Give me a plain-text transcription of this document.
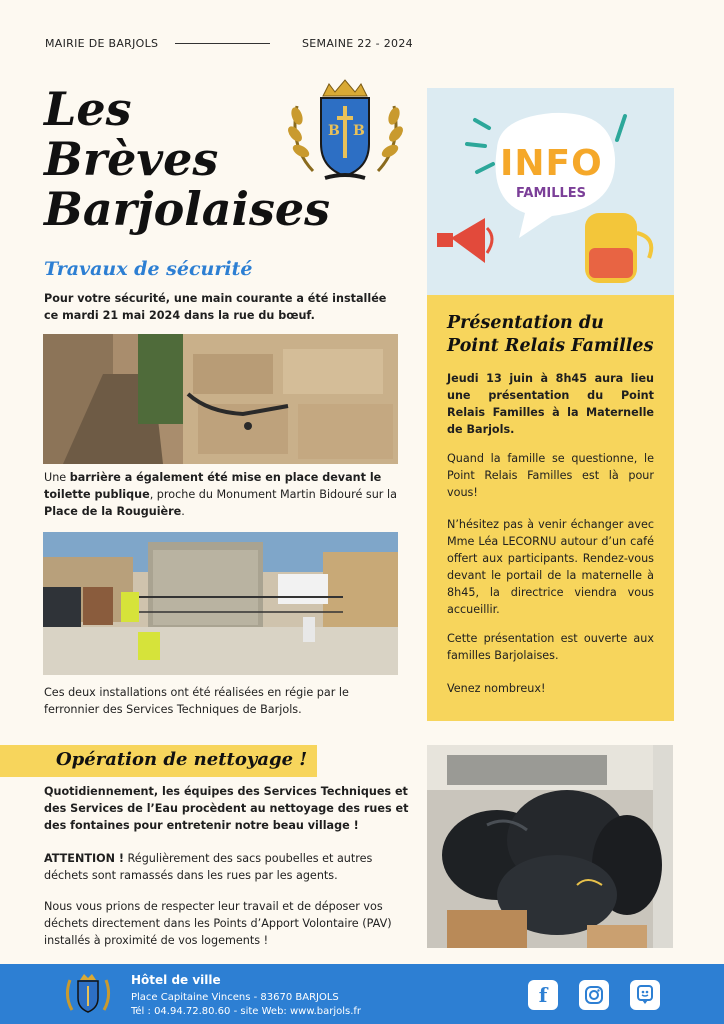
MAIRIE DE BARJOLS	SEMAINE 22 - 2024
Les
Brèves
Barjolaises
B B
Travaux de sécurité

Pour votre sécurité, une main courante a été installée ce mardi 21 mai 2024 dans la rue du bœuf.

Une barrière a également été mise en place devant le toilette publique, proche du Monument Martin Bidouré sur la Place de la Rouguière.

Ces deux installations ont été réalisées en régie par le ferronnier des Services Techniques de Barjols.

Opération de nettoyage !

Quotidiennement, les équipes des Services Techniques et des Services de l’Eau procèdent au nettoyage des rues et des fontaines pour entretenir notre beau village !

ATTENTION ! Régulièrement des sacs poubelles et autres déchets sont ramassés dans les rues par les agents.

Nous vous prions de respecter leur travail et de déposer vos déchets directement dans les Points d’Apport Volontaire (PAV) installés à proximité de vos logements !

INFO
FAMILLES
Présentation du Point Relais Familles

Jeudi 13 juin à 8h45 aura lieu une présentation du Point Relais Familles à la Maternelle de Barjols.

Quand la famille se questionne, le Point Relais Familles est là pour vous!

N’hésitez pas à venir échanger avec Mme Léa LECORNU autour d’un café offert aux participants. Rendez-vous devant le portail de la maternelle à 8h45, la directrice viendra vous accueillir.

Cette présentation est ouverte aux familles Barjolaises.

Venez nombreux!

Hôtel de ville
Place Capitaine Vincens - 83670 BARJOLS
Tél : 04.94.72.80.60 - site Web: www.barjols.fr
f
